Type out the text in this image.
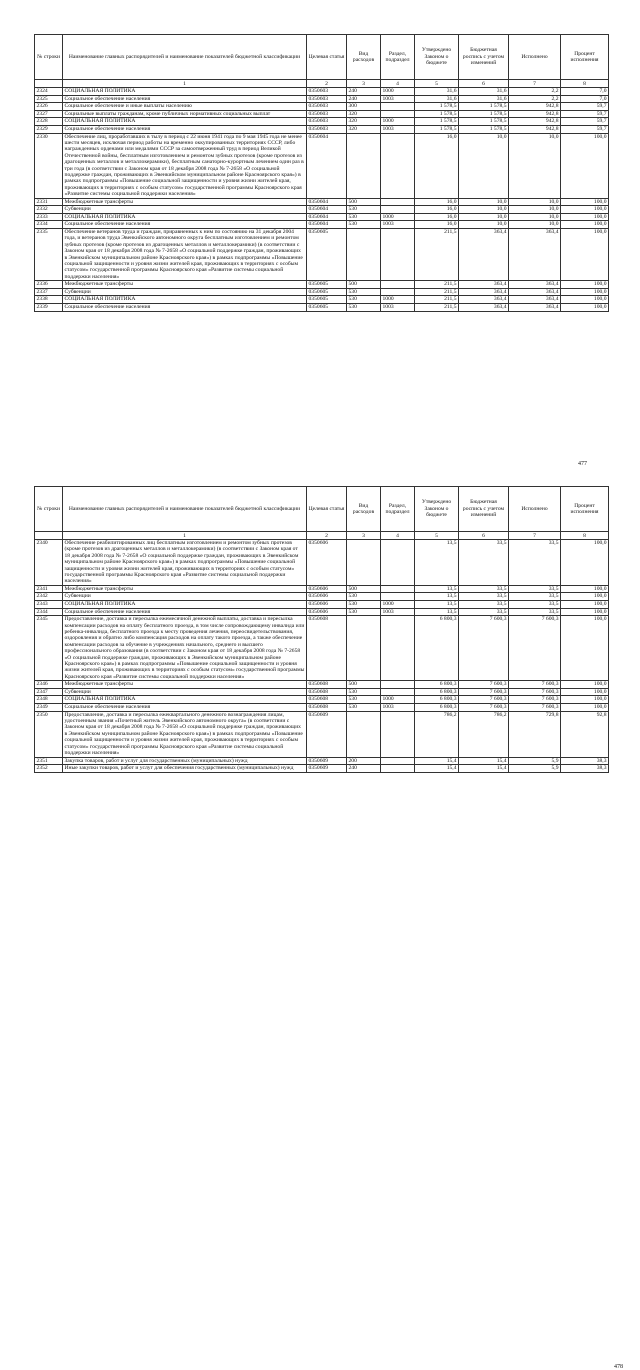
№ строки	Наименование главных распорядителей и наименование показателей бюджетной классификации	Целевая статья	Вид расходов	Раздел, подраздел	Утверждено Законом о бюджете	Бюджетная роспись с учетом изменений	Исполнено	Процент исполнения
	1	2	3	4	5	6	7	8
2324	СОЦИАЛЬНАЯ ПОЛИТИКА	0350603	240	1000	31,6	31,6	2,2	7,0
2325	Социальное обеспечение населения	0350603	240	1003	31,6	31,6	2,2	7,0
2326	Социальное обеспечение и иные выплаты населению	0350603	300		1 578,5	1 578,5	942,8	59,7
2327	Социальные выплаты гражданам, кроме публичных нормативных социальных выплат	0350603	320		1 578,5	1 578,5	942,8	59,7
2328	СОЦИАЛЬНАЯ ПОЛИТИКА	0350603	320	1000	1 578,5	1 578,5	942,8	59,7
2329	Социальное обеспечение населения	0350603	320	1003	1 578,5	1 578,5	942,8	59,7
2330	Обеспечение лиц, проработавших в тылу в период с 22 июня 1941 года по 9 мая 1945 года не менее шести месяцев, исключая период работы на временно оккупированных территориях СССР, либо награжденных орденами или медалями СССР за самоотверженный труд в период Великой Отечественной войны, бесплатным изготовлением и ремонтом зубных протезов (кроме протезов из драгоценных металлов и металлокерамики), бесплатным санаторно-курортным лечением один раз в три года (в соответствии с Законом края от 18 декабря 2008 года № 7-2658 «О социальной поддержке граждан, проживающих в Эвенкийском муниципальном районе Красноярского края») в рамках подпрограммы «Повышение социальной защищенности и уровня жизни жителей края, проживающих в территориях с особым статусом» государственной программы Красноярского края «Развитие системы социальной поддержки населения»	0350604			16,0	10,0	10,0	100,0
2331	Межбюджетные трансферты	0350604	500		16,0	10,0	10,0	100,0
2332	Субвенции	0350604	530		16,0	10,0	10,0	100,0
2333	СОЦИАЛЬНАЯ ПОЛИТИКА	0350604	530	1000	16,0	10,0	10,0	100,0
2334	Социальное обеспечение населения	0350604	530	1003	16,0	10,0	10,0	100,0
2335	Обеспечение ветеранов труда и граждан, приравненных к ним по состоянию на 31 декабря 2004 года, и ветеранов труда Эвенкийского автономного округа бесплатным изготовлением и ремонтом зубных протезов (кроме протезов из драгоценных металлов и металлокерамики) (в соответствии с Законом края от 18 декабря 2008 года № 7-2658 «О социальной поддержке граждан, проживающих в Эвенкийском муниципальном районе Красноярского края») в рамках подпрограммы «Повышение социальной защищенности и уровня жизни жителей края, проживающих в территориях с особым статусом» государственной программы Красноярского края «Развитие системы социальной поддержки населения»	0350605			211,5	363,4	363,4	100,0
2336	Межбюджетные трансферты	0350605	500		211,5	363,4	363,4	100,0
2337	Субвенции	0350605	530		211,5	363,4	363,4	100,0
2338	СОЦИАЛЬНАЯ ПОЛИТИКА	0350605	530	1000	211,5	363,4	363,4	100,0
2339	Социальное обеспечение населения	0350605	530	1003	211,5	363,4	363,4	100,0
477
№ строки	Наименование главных распорядителей и наименование показателей бюджетной классификации	Целевая статья	Вид расходов	Раздел, подраздел	Утверждено Законом о бюджете	Бюджетная роспись с учетом изменений	Исполнено	Процент исполнения
	1	2	3	4	5	6	7	8
2340	Обеспечение реабилитированных лиц бесплатным изготовлением и ремонтом зубных протезов (кроме протезов из драгоценных металлов и металлокерамики) (в соответствии с Законом края от 18 декабря 2008 года № 7-2658 «О социальной поддержке граждан, проживающих в Эвенкийском муниципальном районе Красноярского края») в рамках подпрограммы «Повышение социальной защищенности и уровня жизни жителей края, проживающих в территориях с особым статусом» государственной программы Красноярского края «Развитие системы социальной поддержки населения»	0350606			13,5	33,5	33,5	100,0
2341	Межбюджетные трансферты	0350606	500		13,5	33,5	33,5	100,0
2342	Субвенции	0350606	530		13,5	33,5	33,5	100,0
2343	СОЦИАЛЬНАЯ ПОЛИТИКА	0350606	530	1000	13,5	33,5	33,5	100,0
2344	Социальное обеспечение населения	0350606	530	1003	13,5	33,5	33,5	100,0
2345	Предоставление, доставка и пересылка ежемесячной денежной выплаты, доставка и пересылка компенсации расходов на оплату бесплатного проезда, в том числе сопровождающему инвалида или ребенка-инвалида, бесплатного проезда к месту проведения лечения, переосвидетельствования, оздоровления и обратно либо компенсация расходов на оплату такого проезда, а также обеспечение компенсации расходов за обучение в учреждениях начального, среднего и высшего профессионального образования (в соответствии с Законом края от 18 декабря 2008 года № 7-2658 «О социальной поддержке граждан, проживающих в Эвенкийском муниципальном районе Красноярского края») в рамках подпрограммы «Повышение социальной защищенности и уровня жизни жителей края, проживающих в территориях с особым статусом» государственной программы Красноярского края «Развитие системы социальной поддержки населения»	0350608			6 800,3	7 600,3	7 600,3	100,0
2346	Межбюджетные трансферты	0350608	500		6 800,3	7 600,3	7 600,3	100,0
2347	Субвенции	0350608	530		6 800,3	7 600,3	7 600,3	100,0
2348	СОЦИАЛЬНАЯ ПОЛИТИКА	0350608	530	1000	6 800,3	7 600,3	7 600,3	100,0
2349	Социальное обеспечение населения	0350608	530	1003	6 800,3	7 600,3	7 600,3	100,0
2350	Предоставление, доставка и пересылка ежеквартального денежного вознаграждения лицам, удостоенным звания «Почетный житель Эвенкийского автономного округа» (в соответствии с Законом края от 18 декабря 2008 года № 7-2658 «О социальной поддержке граждан, проживающих в Эвенкийском муниципальном районе Красноярского края») в рамках подпрограммы «Повышение социальной защищенности и уровня жизни жителей края, проживающих в территориях с особым статусом» государственной программы Красноярского края «Развитие системы социальной поддержки населения»	0350609			786,2	786,2	729,8	92,8
2351	Закупка товаров, работ и услуг для государственных (муниципальных) нужд	0350609	200		15,4	15,4	5,9	38,3
2352	Иные закупки товаров, работ и услуг для обеспечения государственных (муниципальных) нужд	0350609	240		15,4	15,4	5,9	38,3
478
